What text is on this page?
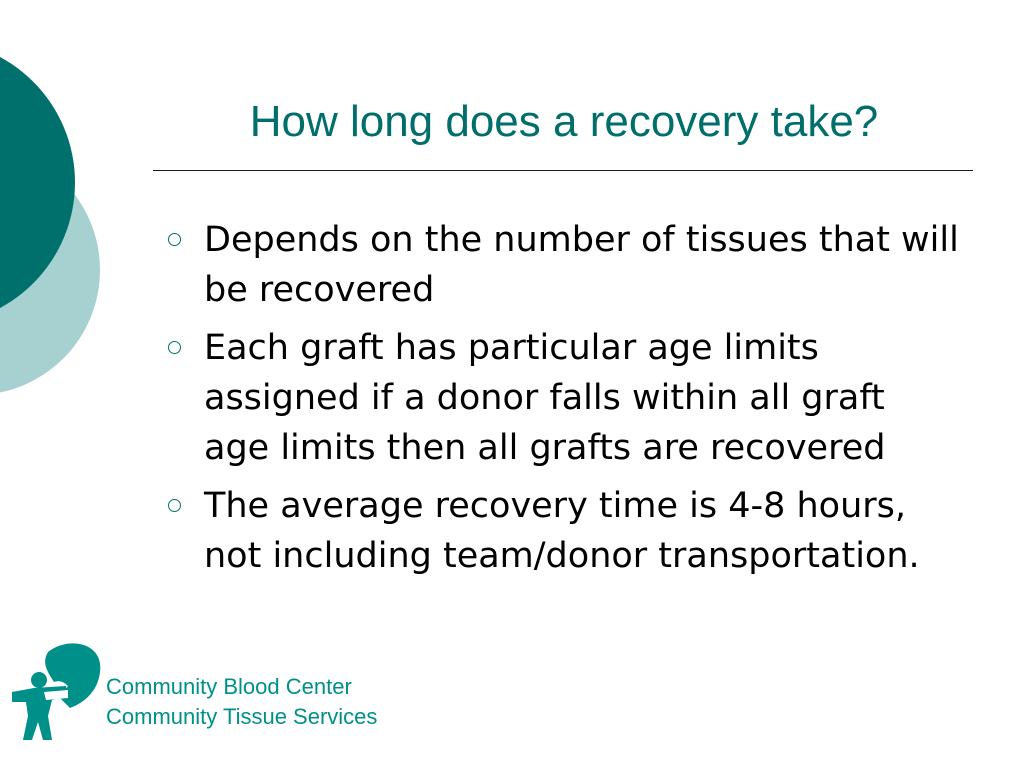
How long does a recovery take?
Depends on the number of tissues that will be recovered
Each graft has particular age limits assigned if a donor falls within all graft age limits then all grafts are recovered
The average recovery time is 4-8 hours, not including team/donor transportation.
Community Blood Center
Community Tissue Services
